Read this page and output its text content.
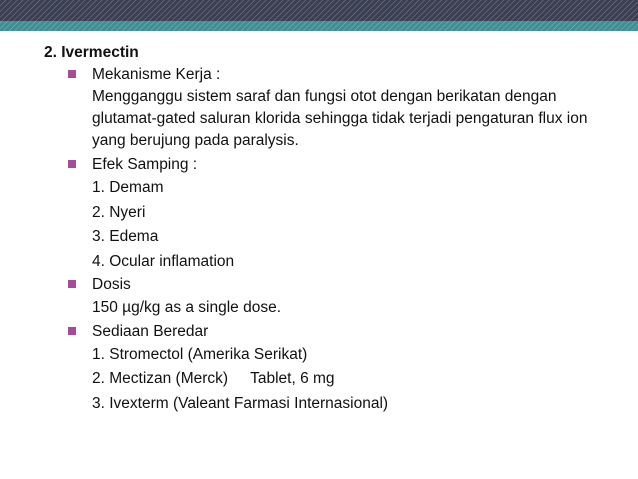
2. Ivermectin
Mekanisme Kerja :
Mengganggu sistem saraf dan fungsi otot dengan berikatan dengan glutamat-gated saluran klorida sehingga tidak terjadi pengaturan flux ion yang berujung pada paralysis.
Efek Samping :
1. Demam
2. Nyeri
3. Edema
4. Ocular inflamation
Dosis
150 µg/kg as a single dose.
Sediaan Beredar
1. Stromectol (Amerika Serikat)
2. Mectizan (Merck) Tablet, 6 mg
3. Ivexterm (Valeant Farmasi Internasional)
